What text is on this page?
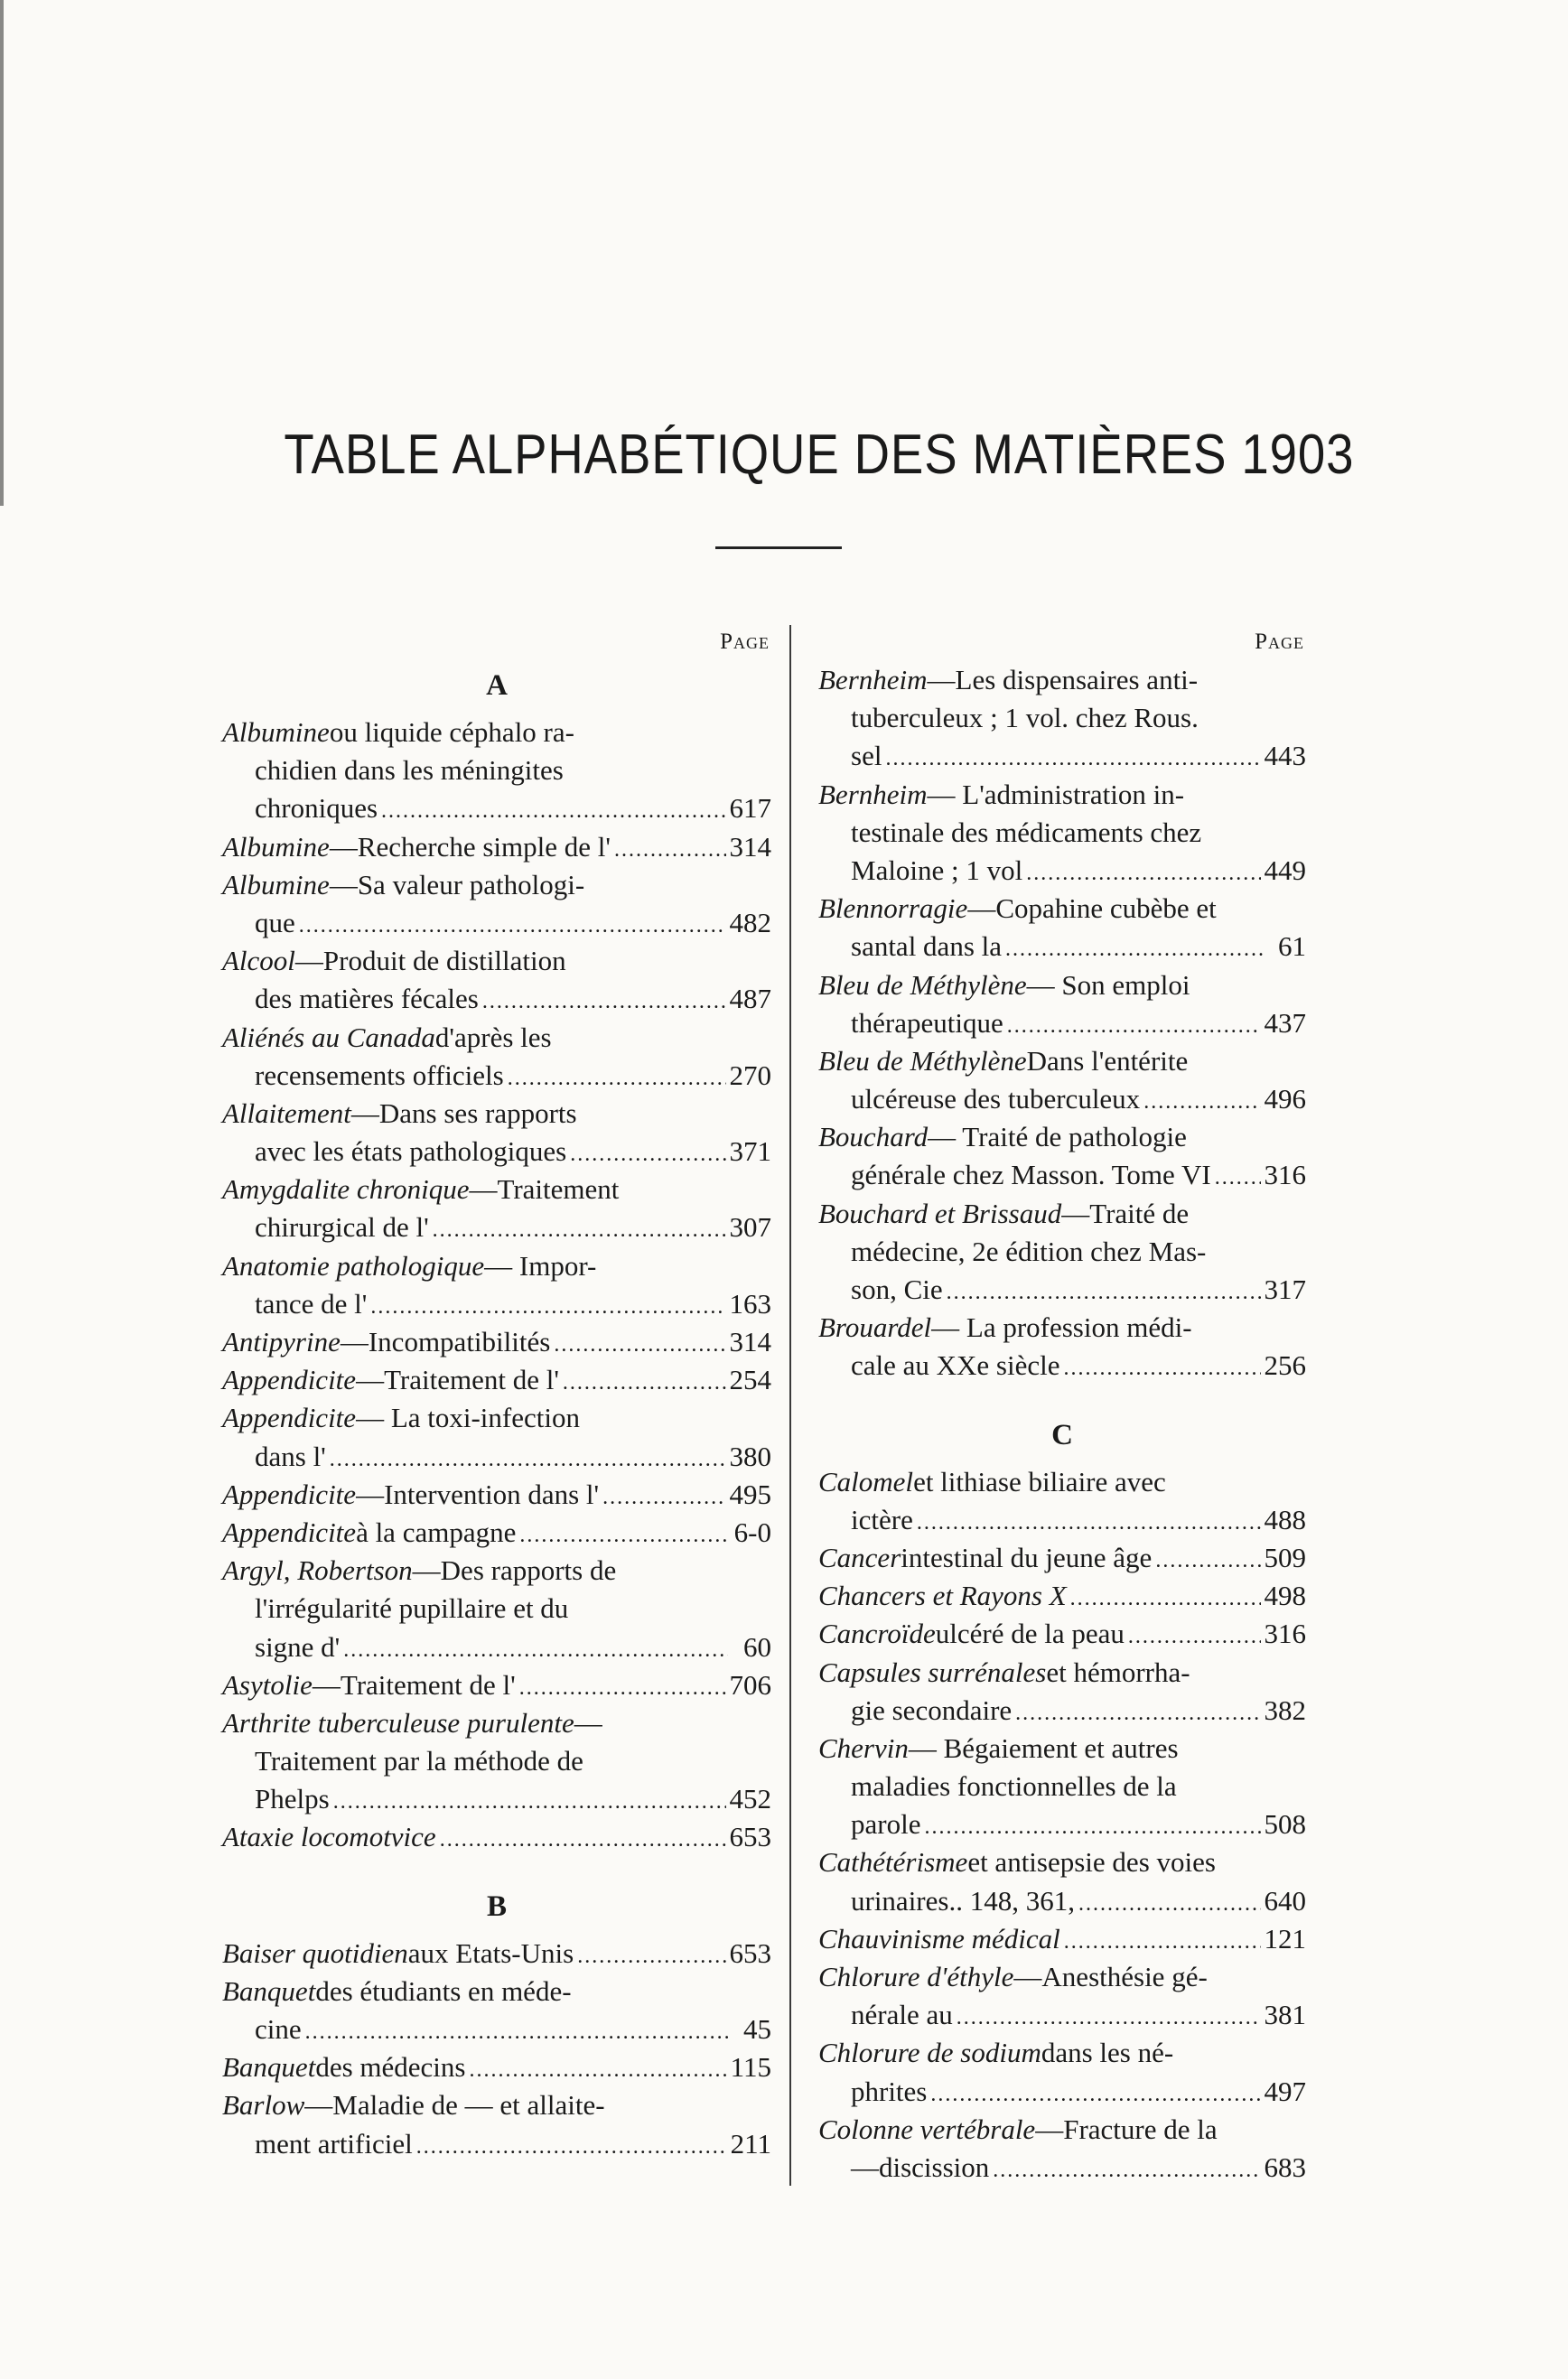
TABLE ALPHABÉTIQUE DES MATIÈRES 1903
Page
A
Albumine ou liquide céphalo ra-
chidien dans les méningites
chroniques .....	617
Albumine —Recherche simple de l' .....	314
Albumine —Sa valeur pathologi-
que .....	482
Alcool —Produit de distillation
des matières fécales .....	487
Aliénés au Canada d'après les
recensements officiels .....	270
Allaitement —Dans ses rapports
avec les états pathologiques .....	371
Amygdalite chronique —Traitement
chirurgical de l' .....	307
Anatomie pathologique — Impor-
tance de l' .....	163
Antipyrine —Incompatibilités .....	314
Appendicite —Traitement de l' .....	254
Appendicite — La toxi-infection
dans l' .....	380
Appendicite —Intervention dans l' .....	495
Appendicite à la campagne .....	6-0
Argyl, Robertson —Des rapports de
l'irrégularité pupillaire et du
signe d' .....	60
Asytolie —Traitement de l' .....	706
Arthrite tuberculeuse purulente —
Traitement par la méthode de
Phelps .....	452
Ataxie locomotvice .....	653
B
Baiser quotidien aux Etats-Unis .....	653
Banquet des étudiants en méde-
cine .....	45
Banquet des médecins .....	115
Barlow —Maladie de — et allaite-
ment artificiel .....	211
Page
Bernheim —Les dispensaires anti-
tuberculeux ; 1 vol. chez Rous.
sel .....	443
Bernheim — L'administration in-
testinale des médicaments chez
Maloine ; 1 vol .....	449
Blennorragie —Copahine cubèbe et
santal dans la .....	61
Bleu de Méthylène — Son emploi
thérapeutique .....	437
Bleu de Méthylène Dans l'entérite
ulcéreuse des tuberculeux .....	496
Bouchard — Traité de pathologie
générale chez Masson. Tome VI ..... 316
Bouchard et Brissaud —Traité de
médecine, 2e édition chez Mas-
son, Cie .....	317
Brouardel — La profession médi-
cale au XXe siècle .....	256
C
Calomel et lithiase biliaire avec
ictère .....	488
Cancer intestinal du jeune âge .....	509
Chancers et Rayons X .....	498
Cancroïde ulcéré de la peau .....	316
Capsules surrénales et hémorrha-
gie secondaire .....	382
Chervin — Bégaiement et autres
maladies fonctionnelles de la
parole .....	508
Cathétérisme et antisepsie des voies
urinaires.. 148, 361, .....	640
Chauvinisme médical .....	121
Chlorure d'éthyle —Anesthésie gé-
nérale au .....	381
Chlorure de sodium dans les né-
phrites .....	497
Colonne vertébrale —Fracture de la
—discission .....	683
